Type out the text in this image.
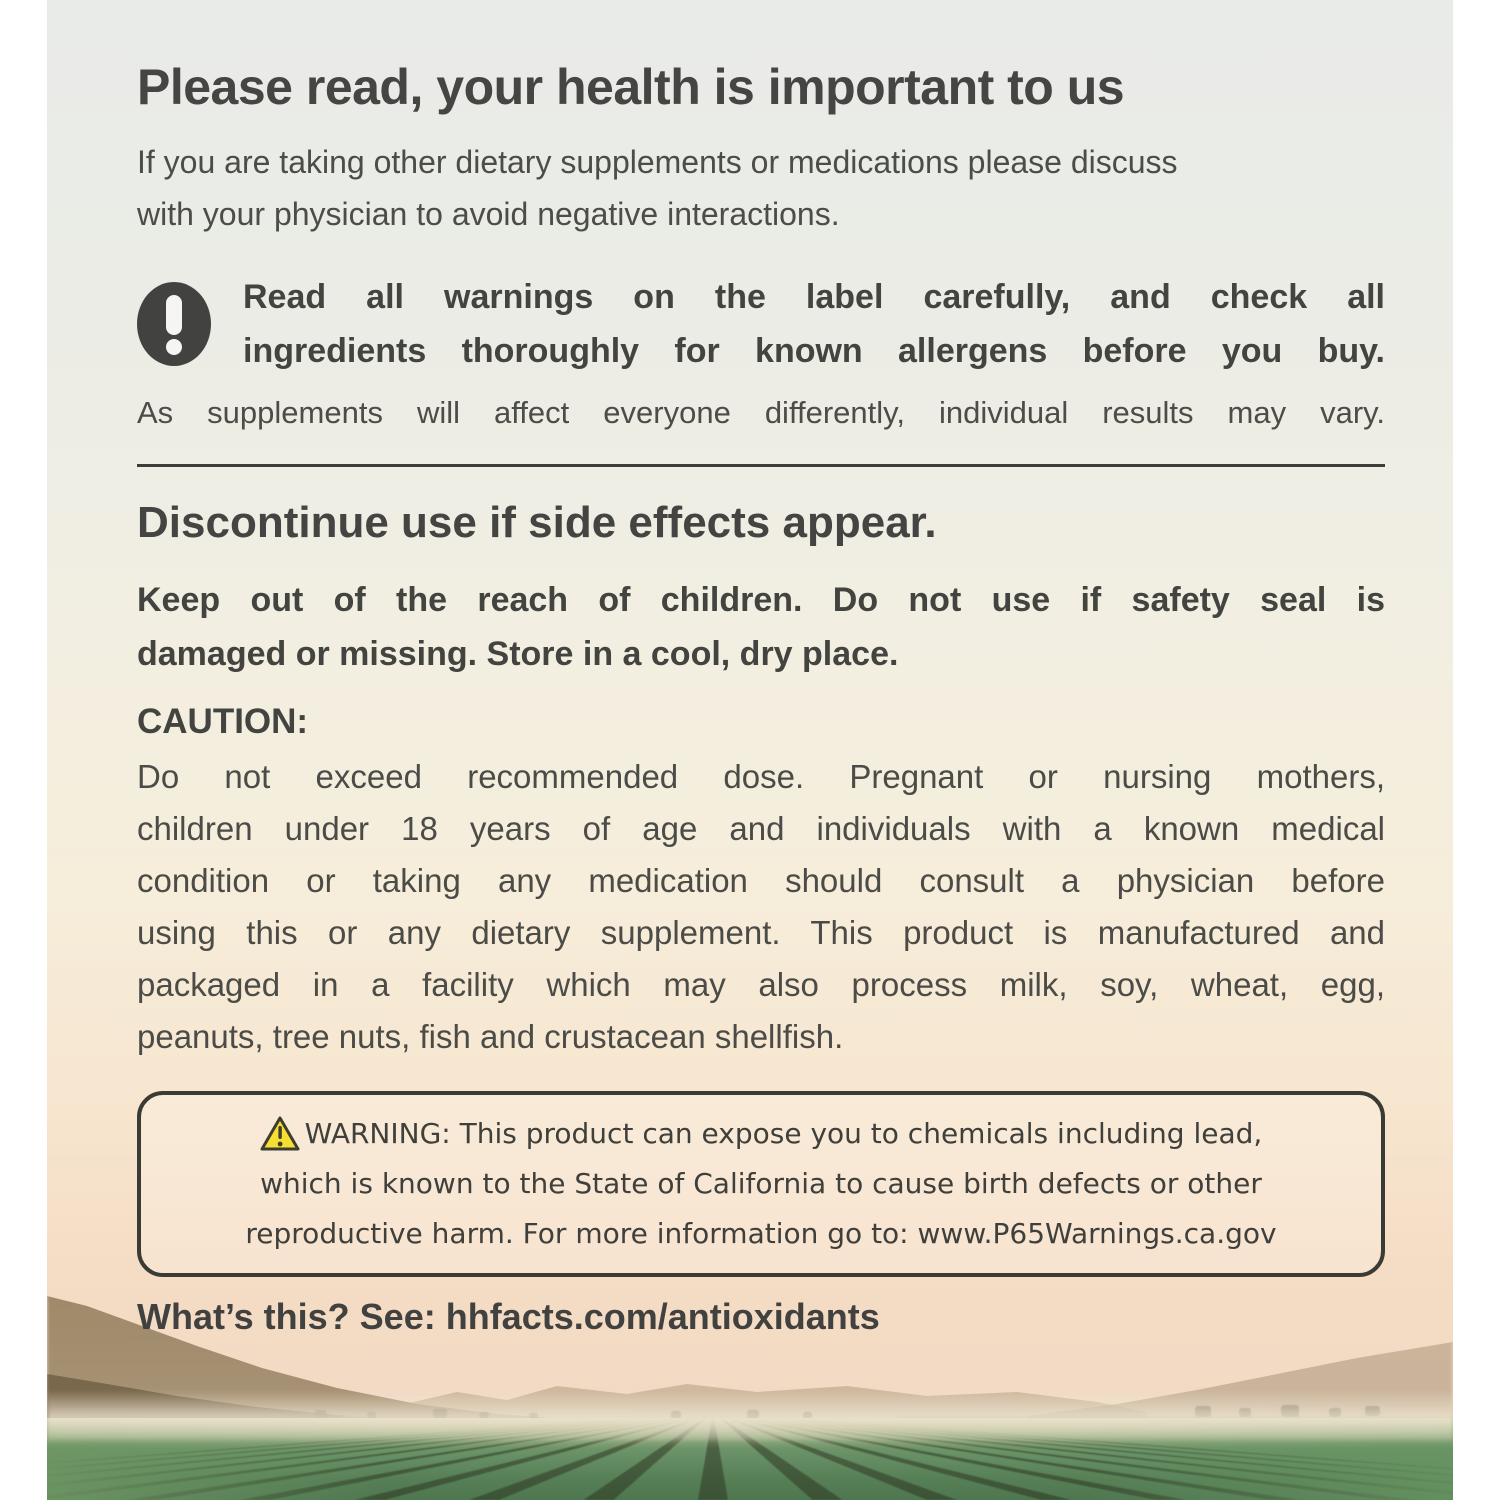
Please read, your health is important to us
If you are taking other dietary supplements or medications please discuss
with your physician to avoid negative interactions.
Read all warnings on the label carefully, and check all
ingredients thoroughly for known allergens before you buy.
As supplements will affect everyone differently, individual results may vary.
Discontinue use if side effects appear.
Keep out of the reach of children. Do not use if safety seal is
damaged or missing. Store in a cool, dry place.
CAUTION:
Do not exceed recommended dose. Pregnant or nursing mothers,
children under 18 years of age and individuals with a known medical
condition or taking any medication should consult a physician before
using this or any dietary supplement. This product is manufactured and
packaged in a facility which may also process milk, soy, wheat, egg,
peanuts, tree nuts, fish and crustacean shellfish.
WARNING: This product can expose you to chemicals including lead,
which is known to the State of California to cause birth defects or other
reproductive harm. For more information go to: www.P65Warnings.ca.gov
What’s this? See: hhfacts.com/antioxidants
